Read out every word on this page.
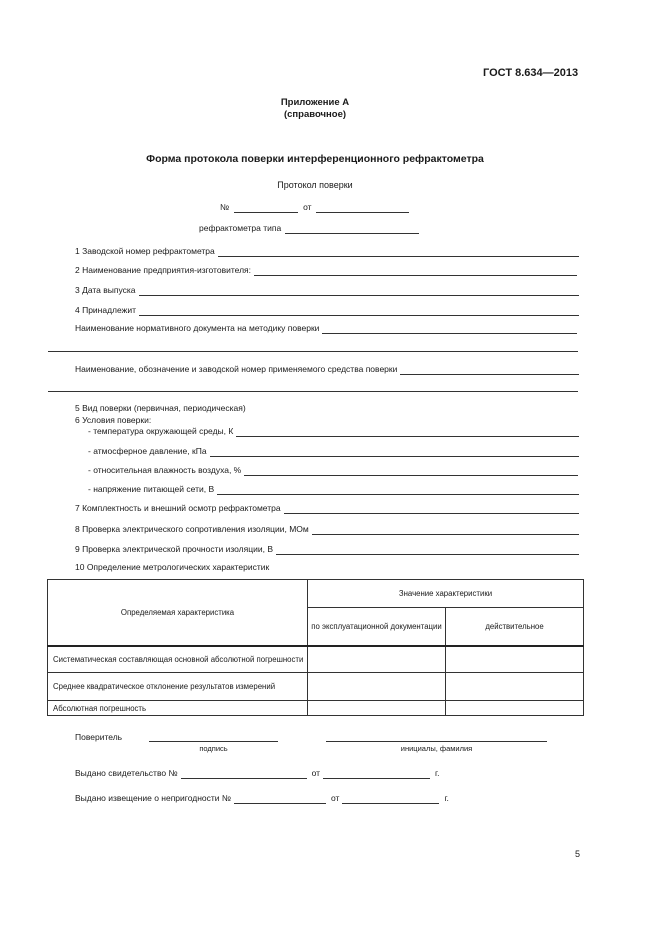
ГОСТ 8.634—2013
Приложение А
(справочное)
Форма протокола поверки интерференционного рефрактометра
Протокол поверки
№	от
рефрактометра типа
1 Заводской номер рефрактометра
2 Наименование предприятия-изготовителя:
3 Дата выпуска
4 Принадлежит
Наименование нормативного документа на методику поверки
Наименование, обозначение и заводской номер применяемого средства поверки
5 Вид поверки (первичная, периодическая)
6 Условия поверки:
- температура окружающей среды, К
- атмосферное давление, кПа
- относительная влажность воздуха, %
- напряжение питающей сети, В
7 Комплектность и внешний осмотр рефрактометра
8 Проверка электрического сопротивления изоляции, МОм
9 Проверка электрической прочности изоляции, В
10 Определение метрологических характеристик
Определяемая характеристика	Значение характеристики	
	по эксплуатационной документации	действительное
Систематическая составляющая основной абсолютной погрешности		
Среднее квадратическое отклонение результатов измерений		
Абсолютная погрешность		
Поверитель
подпись	инициалы, фамилия
Выдано свидетельство №	от	г.
Выдано извещение о непригодности №	от	г.
5
